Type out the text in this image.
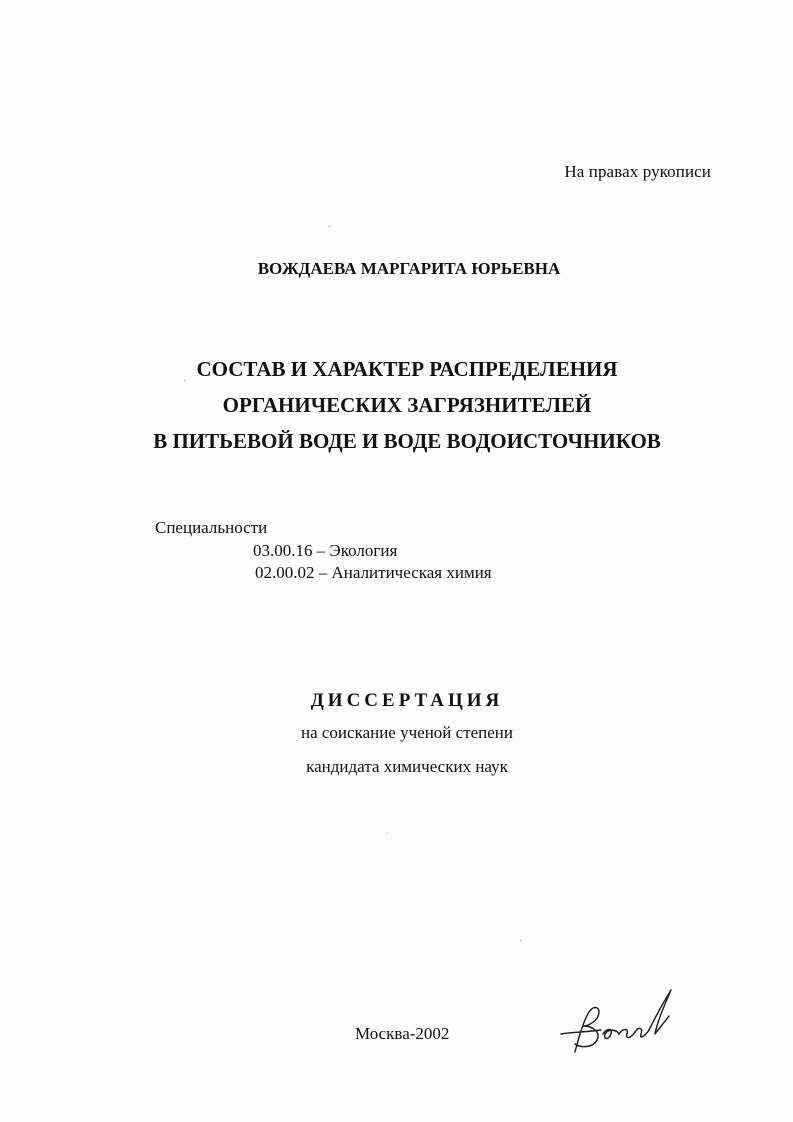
На правах рукописи
ВОЖДАЕВА МАРГАРИТА ЮРЬЕВНА
СОСТАВ И ХАРАКТЕР РАСПРЕДЕЛЕНИЯ
ОРГАНИЧЕСКИХ ЗАГРЯЗНИТЕЛЕЙ
В ПИТЬЕВОЙ ВОДЕ И ВОДЕ ВОДОИСТОЧНИКОВ
Специальности
03.00.16 – Экология
02.00.02 – Аналитическая химия
ДИССЕРТАЦИЯ
на соискание ученой степени
кандидата химических наук
Москва-2002
